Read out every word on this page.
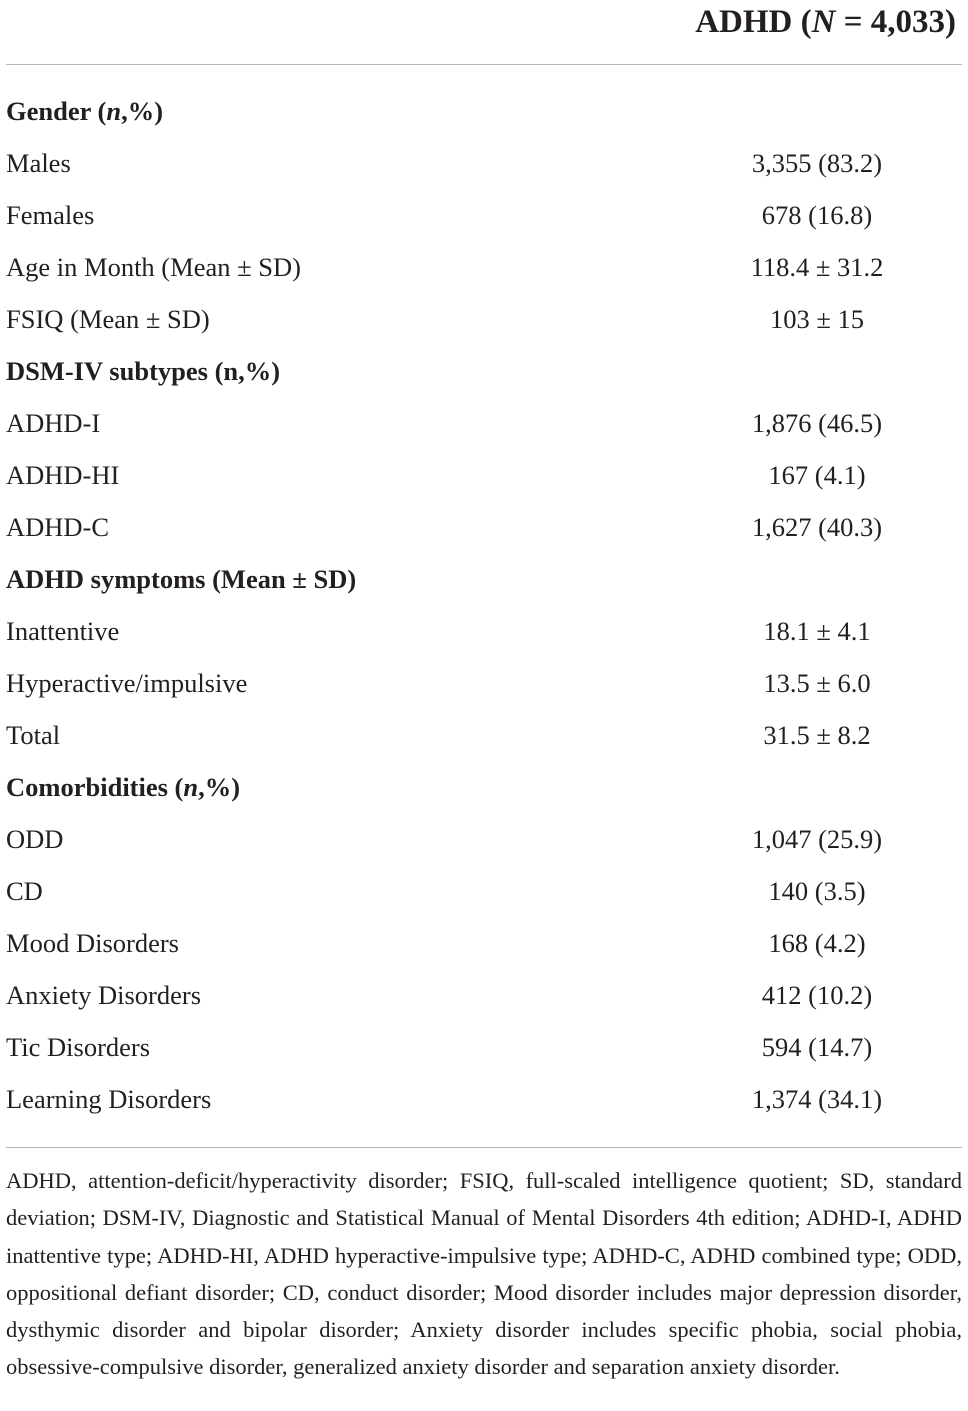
ADHD (N = 4,033)
Gender (n,%)
Males	3,355 (83.2)
Females	678 (16.8)
Age in Month (Mean ± SD)	118.4 ± 31.2
FSIQ (Mean ± SD)	103 ± 15
DSM-IV subtypes (n,%)
ADHD-I	1,876 (46.5)
ADHD-HI	167 (4.1)
ADHD-C	1,627 (40.3)
ADHD symptoms (Mean ± SD)
Inattentive	18.1 ± 4.1
Hyperactive/impulsive	13.5 ± 6.0
Total	31.5 ± 8.2
Comorbidities (n,%)
ODD	1,047 (25.9)
CD	140 (3.5)
Mood Disorders	168 (4.2)
Anxiety Disorders	412 (10.2)
Tic Disorders	594 (14.7)
Learning Disorders	1,374 (34.1)
ADHD, attention-deficit/hyperactivity disorder; FSIQ, full-scaled intelligence quotient; SD, standard deviation; DSM-IV, Diagnostic and Statistical Manual of Mental Disorders 4th edition; ADHD-I, ADHD inattentive type; ADHD-HI, ADHD hyperactive-impulsive type; ADHD-C, ADHD combined type; ODD, oppositional defiant disorder; CD, conduct disorder; Mood disorder includes major depression disorder, dysthymic disorder and bipolar disorder; Anxiety disorder includes specific phobia, social phobia, obsessive-compulsive disorder, generalized anxiety disorder and separation anxiety disorder.
